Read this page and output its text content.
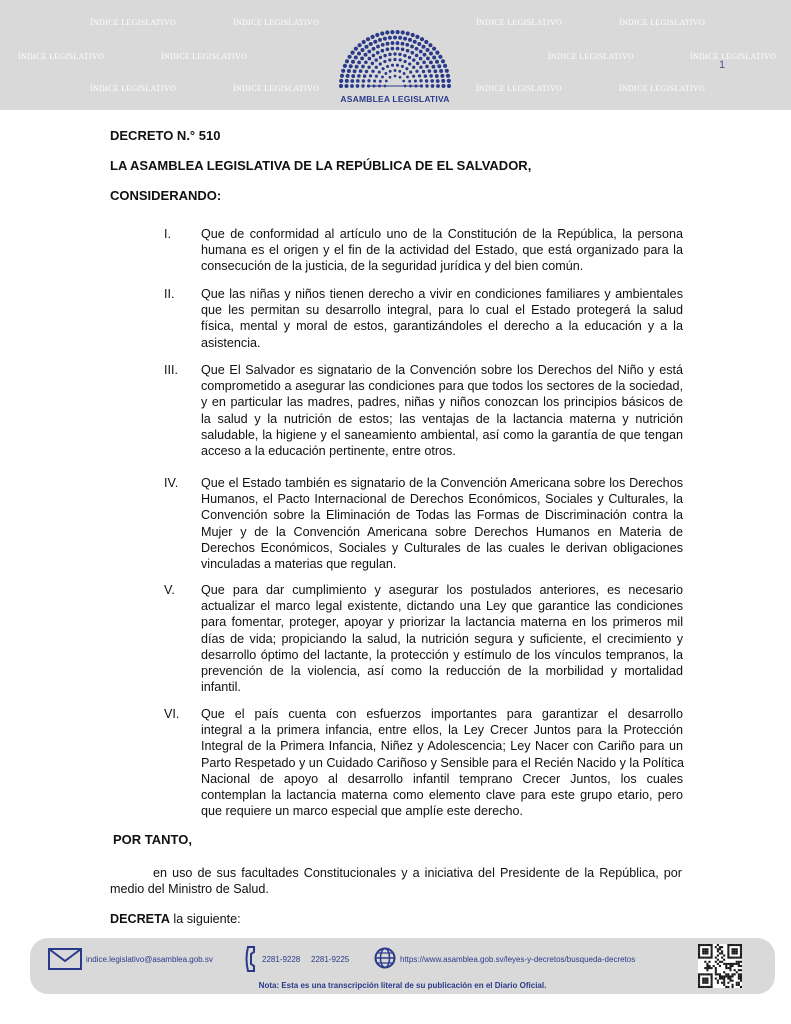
ÍNDICE LEGISLATIVO	ÍNDICE LEGISLATIVO	ÍNDICE LEGISLATIVO	ÍNDICE LEGISLATIVO
ÍNDICE LEGISLATIVO	ÍNDICE LEGISLATIVO	ÍNDICE LEGISLATIVO	ÍNDICE LEGISLATIVO
ÍNDICE LEGISLATIVO	ÍNDICE LEGISLATIVO	ÍNDICE LEGISLATIVO	ÍNDICE LEGISLATIVO
ASAMBLEA LEGISLATIVA
1
DECRETO N.° 510
LA ASAMBLEA LEGISLATIVA DE LA REPÚBLICA DE EL SALVADOR,
CONSIDERANDO:
I. Que de conformidad al artículo uno de la Constitución de la República, la persona
humana es el origen y el fin de la actividad del Estado, que está organizado para la
consecución de la justicia, de la seguridad jurídica y del bien común.
II. Que las niñas y niños tienen derecho a vivir en condiciones familiares y ambientales
que les permitan su desarrollo integral, para lo cual el Estado protegerá la salud
física, mental y moral de estos, garantizándoles el derecho a la educación y a la
asistencia.
III. Que El Salvador es signatario de la Convención sobre los Derechos del Niño y está
comprometido a asegurar las condiciones para que todos los sectores de la sociedad,
y en particular las madres, padres, niñas y niños conozcan los principios básicos de
la salud y la nutrición de estos; las ventajas de la lactancia materna y nutrición
saludable, la higiene y el saneamiento ambiental, así como la garantía de que tengan
acceso a la educación pertinente, entre otros.
IV. Que el Estado también es signatario de la Convención Americana sobre los Derechos
Humanos, el Pacto Internacional de Derechos Económicos, Sociales y Culturales, la
Convención sobre la Eliminación de Todas las Formas de Discriminación contra la
Mujer y de la Convención Americana sobre Derechos Humanos en Materia de
Derechos Económicos, Sociales y Culturales de las cuales le derivan obligaciones
vinculadas a materias que regulan.
V. Que para dar cumplimiento y asegurar los postulados anteriores, es necesario
actualizar el marco legal existente, dictando una Ley que garantice las condiciones
para fomentar, proteger, apoyar y priorizar la lactancia materna en los primeros mil
días de vida; propiciando la salud, la nutrición segura y suficiente, el crecimiento y
desarrollo óptimo del lactante, la protección y estímulo de los vínculos tempranos, la
prevención de la violencia, así como la reducción de la morbilidad y mortalidad
infantil.
VI. Que el país cuenta con esfuerzos importantes para garantizar el desarrollo
integral a la primera infancia, entre ellos, la Ley Crecer Juntos para la Protección
Integral de la Primera Infancia, Niñez y Adolescencia; Ley Nacer con Cariño para un
Parto Respetado y un Cuidado Cariñoso y Sensible para el Recién Nacido y la Política
Nacional de apoyo al desarrollo infantil temprano Crecer Juntos, los cuales
contemplan la lactancia materna como elemento clave para este grupo etario, pero
que requiere un marco especial que amplíe este derecho.
POR TANTO,
en uso de sus facultades Constitucionales y a iniciativa del Presidente de la República, por
medio del Ministro de Salud.
DECRETA la siguiente:
indice.legislativo@asamblea.gob.sv	2281-9228 2281-9225	https://www.asamblea.gob.sv/leyes-y-decretos/busqueda-decretos
Nota: Esta es una transcripción literal de su publicación en el Diario Oficial.
